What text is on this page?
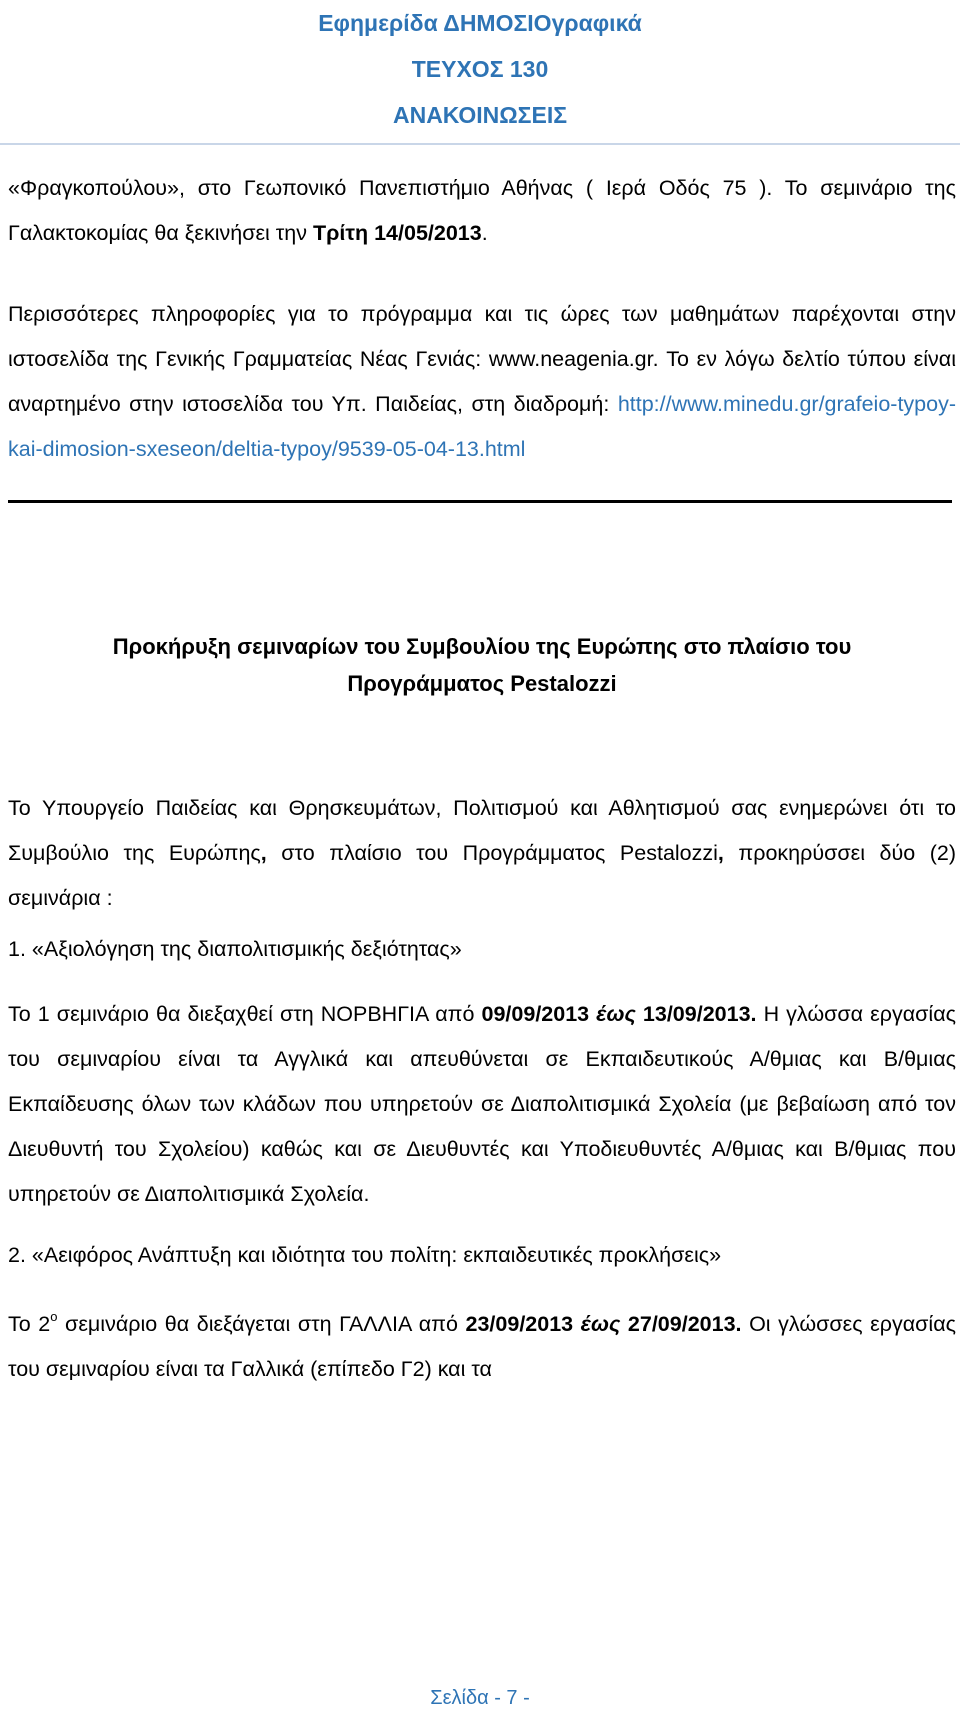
Εφημερίδα ΔΗΜΟΣΙΟγραφικά
ΤΕΥΧΟΣ 130
ΑΝΑΚΟΙΝΩΣΕΙΣ

«Φραγκοπούλου», στο Γεωπονικό Πανεπιστήμιο Αθήνας ( Ιερά Οδός 75 ). Το σεμινάριο της Γαλακτοκομίας θα ξεκινήσει την Τρίτη 14/05/2013.

Περισσότερες πληροφορίες για το πρόγραμμα και τις ώρες των μαθημάτων παρέχονται στην ιστοσελίδα της Γενικής Γραμματείας Νέας Γενιάς: www.neagenia.gr. Το εν λόγω δελτίο τύπου είναι αναρτημένο στην ιστοσελίδα του Υπ. Παιδείας, στη διαδρομή: http://www.minedu.gr/grafeio-typoy-kai-dimosion-sxeseon/deltia-typoy/9539-05-04-13.html

Προκήρυξη σεμιναρίων του Συμβουλίου της Ευρώπης στο πλαίσιο του
Προγράμματος Pestalozzi

Το Υπουργείο Παιδείας και Θρησκευμάτων, Πολιτισμού και Αθλητισμού σας ενημερώνει ότι το Συμβούλιο της Ευρώπης, στο πλαίσιο του Προγράμματος Pestalozzi, προκηρύσσει δύο (2) σεμινάρια :

1. «Αξιολόγηση της διαπολιτισμικής δεξιότητας»

Το 1 σεμινάριο θα διεξαχθεί στη ΝΟΡΒΗΓΙΑ από 09/09/2013 έως 13/09/2013. Η γλώσσα εργασίας του σεμιναρίου είναι τα Αγγλικά και απευθύνεται σε Εκπαιδευτικούς Α/θμιας και Β/θμιας Εκπαίδευσης όλων των κλάδων που υπηρετούν σε Διαπολιτισμικά Σχολεία (με βεβαίωση από τον Διευθυντή του Σχολείου) καθώς και σε Διευθυντές και Υποδιευθυντές Α/θμιας και Β/θμιας που υπηρετούν σε Διαπολιτισμικά Σχολεία.

2. «Αειφόρος Ανάπτυξη και ιδιότητα του πολίτη: εκπαιδευτικές προκλήσεις»

Το $2^o$ σεμινάριο θα διεξάγεται στη ΓΑΛΛΙΑ από 23/09/2013 έως 27/09/2013. Οι γλώσσες εργασίας του σεμιναρίου είναι τα Γαλλικά (επίπεδο Γ2) και τα

Σελίδα - 7 -
